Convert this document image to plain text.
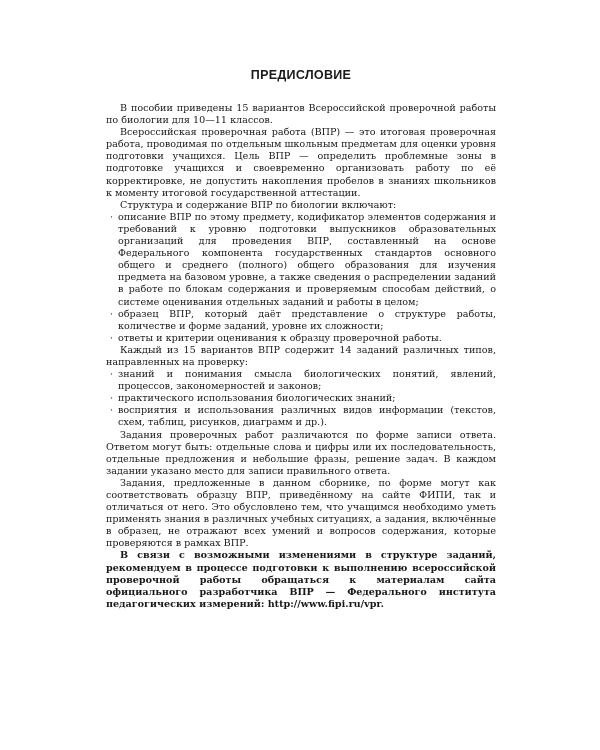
ПРЕДИСЛОВИЕ

В пособии приведены 15 вариантов Всероссийской проверочной работы по биологии для 10—11 классов.

Всероссийская проверочная работа (ВПР) — это итоговая проверочная работа, проводимая по отдельным школьным предметам для оценки уровня подготовки учащихся. Цель ВПР — определить проблемные зоны в подготовке учащихся и своевременно организовать работу по её корректировке, не допустить накопления пробелов в знаниях школьников к моменту итоговой государственной аттестации.

Структура и содержание ВПР по биологии включают:

· описание ВПР по этому предмету, кодификатор элементов содержания и требований к уровню подготовки выпускников образовательных организаций для проведения ВПР, составленный на основе Федерального компонента государственных стандартов основного общего и среднего (полного) общего образования для изучения предмета на базовом уровне, а также сведения о распределении заданий в работе по блокам содержания и проверяемым способам действий, о системе оценивания отдельных заданий и работы в целом;
· образец ВПР, который даёт представление о структуре работы, количестве и форме заданий, уровне их сложности;
· ответы и критерии оценивания к образцу проверочной работы.

Каждый из 15 вариантов ВПР содержит 14 заданий различных типов, направленных на проверку:

· знаний и понимания смысла биологических понятий, явлений, процессов, закономерностей и законов;
· практического использования биологических знаний;
· восприятия и использования различных видов информации (текстов, схем, таблиц, рисунков, диаграмм и др.).

Задания проверочных работ различаются по форме записи ответа. Ответом могут быть: отдельные слова и цифры или их последовательность, отдельные предложения и небольшие фразы, решение задач. В каждом задании указано место для записи правильного ответа.

Задания, предложенные в данном сборнике, по форме могут как соответствовать образцу ВПР, приведённому на сайте ФИПИ, так и отличаться от него. Это обусловлено тем, что учащимся необходимо уметь применять знания в различных учебных ситуациях, а задания, включённые в образец, не отражают всех умений и вопросов содержания, которые проверяются в рамках ВПР.

В связи с возможными изменениями в структуре заданий, рекомендуем в процессе подготовки к выполнению всероссийской проверочной работы обращаться к материалам сайта официального разработчика ВПР — Федерального института педагогических измерений: http://www.fipi.ru/vpr.
